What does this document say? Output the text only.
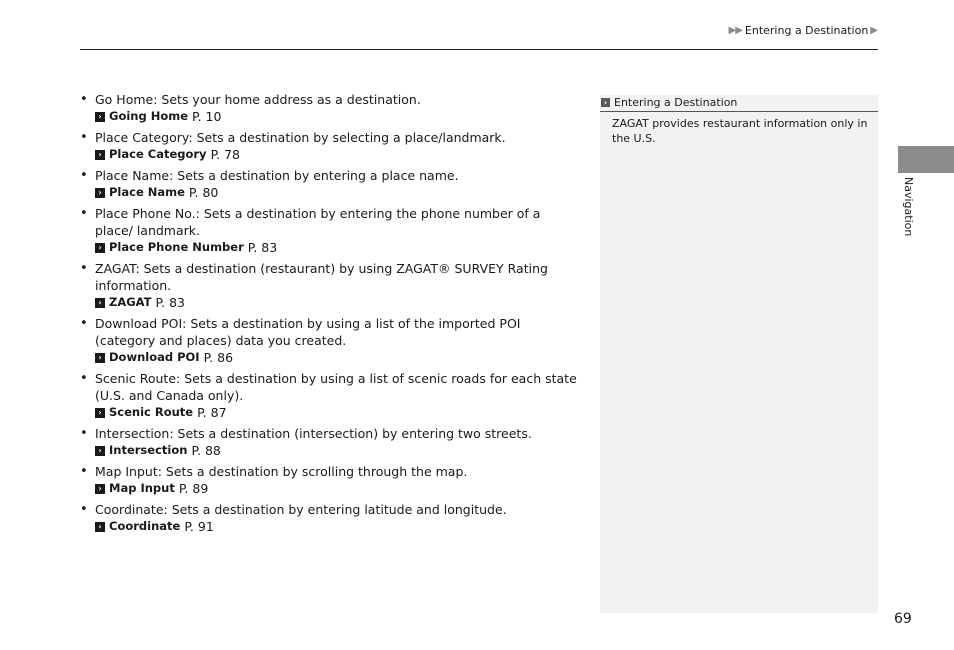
▶▶ Entering a Destination ▶
• Go Home: Sets your home address as a destination.
› Going Home P. 10
• Place Category: Sets a destination by selecting a place/landmark.
› Place Category P. 78
• Place Name: Sets a destination by entering a place name.
› Place Name P. 80
• Place Phone No.: Sets a destination by entering the phone number of a place/ landmark.
› Place Phone Number P. 83
• ZAGAT: Sets a destination (restaurant) by using ZAGAT® SURVEY Rating information.
› ZAGAT P. 83
• Download POI: Sets a destination by using a list of the imported POI (category and places) data you created.
› Download POI P. 86
• Scenic Route: Sets a destination by using a list of scenic roads for each state (U.S. and Canada only).
› Scenic Route P. 87
• Intersection: Sets a destination (intersection) by entering two streets.
› Intersection P. 88
• Map Input: Sets a destination by scrolling through the map.
› Map Input P. 89
• Coordinate: Sets a destination by entering latitude and longitude.
› Coordinate P. 91
› Entering a Destination
ZAGAT provides restaurant information only in the U.S.
Navigation
69
